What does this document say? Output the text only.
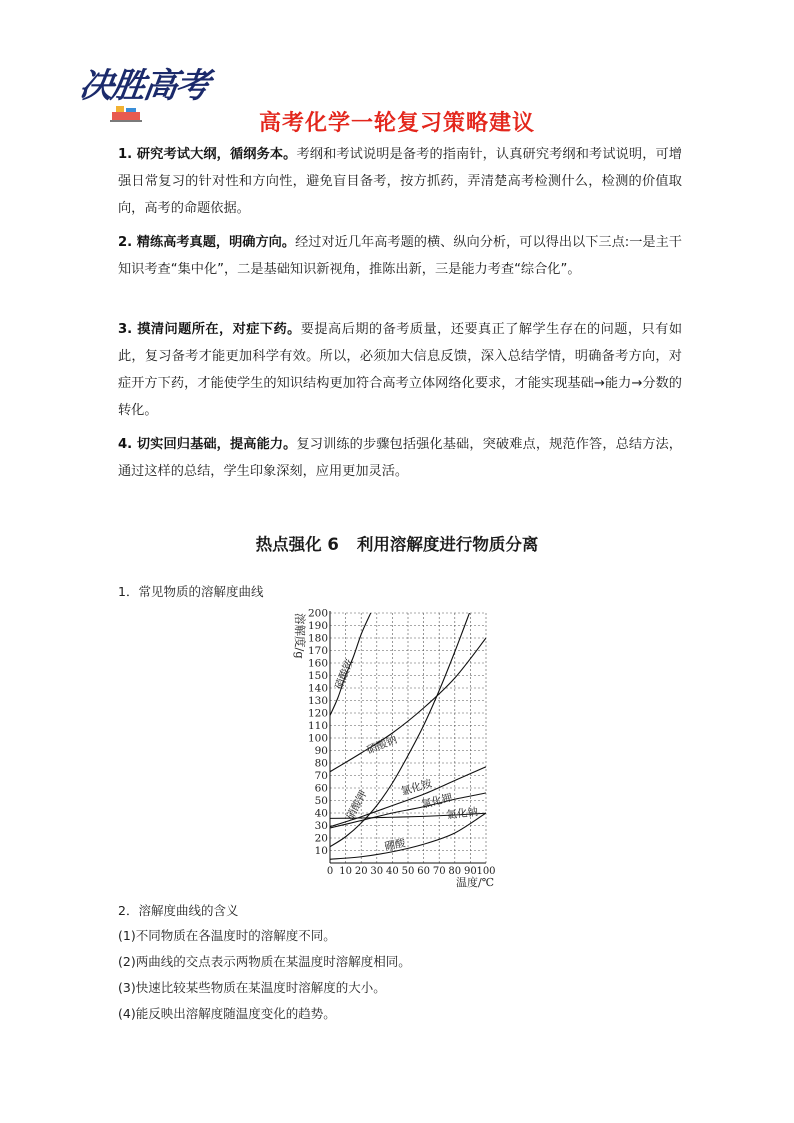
决胜高考
高考化学一轮复习策略建议
1. 研究考试大纲，循纲务本。考纲和考试说明是备考的指南针，认真研究考纲和考试说明，可增强日常复习的针对性和方向性，避免盲目备考，按方抓药，弄清楚高考检测什么，检测的价值取向，高考的命题依据。
2. 精练高考真题，明确方向。经过对近几年高考题的横、纵向分析，可以得出以下三点:一是主干知识考查“集中化”，二是基础知识新视角，推陈出新，三是能力考查“综合化”。
3. 摸清问题所在，对症下药。要提高后期的备考质量，还要真正了解学生存在的问题，只有如此，复习备考才能更加科学有效。所以，必须加大信息反馈，深入总结学情，明确备考方向，对症开方下药，才能使学生的知识结构更加符合高考立体网络化要求，才能实现基础→能力→分数的转化。
4. 切实回归基础，提高能力。复习训练的步骤包括强化基础，突破难点，规范作答，总结方法，通过这样的总结，学生印象深刻，应用更加灵活。
热点强化 6 利用溶解度进行物质分离
1．常见物质的溶解度曲线
10
20
30
40
50
60
70
80
90
100
110
120
130
140
150
160
170
180
190
200
0 10 20 30 40 50 60 70 80 90 100
溶解度/g
温度/℃
硝酸铵
硝酸钠
硝酸钾
氯化铵
氯化钾
氯化钠
硼酸
2．溶解度曲线的含义
(1)不同物质在各温度时的溶解度不同。
(2)两曲线的交点表示两物质在某温度时溶解度相同。
(3)快速比较某些物质在某温度时溶解度的大小。
(4)能反映出溶解度随温度变化的趋势。
